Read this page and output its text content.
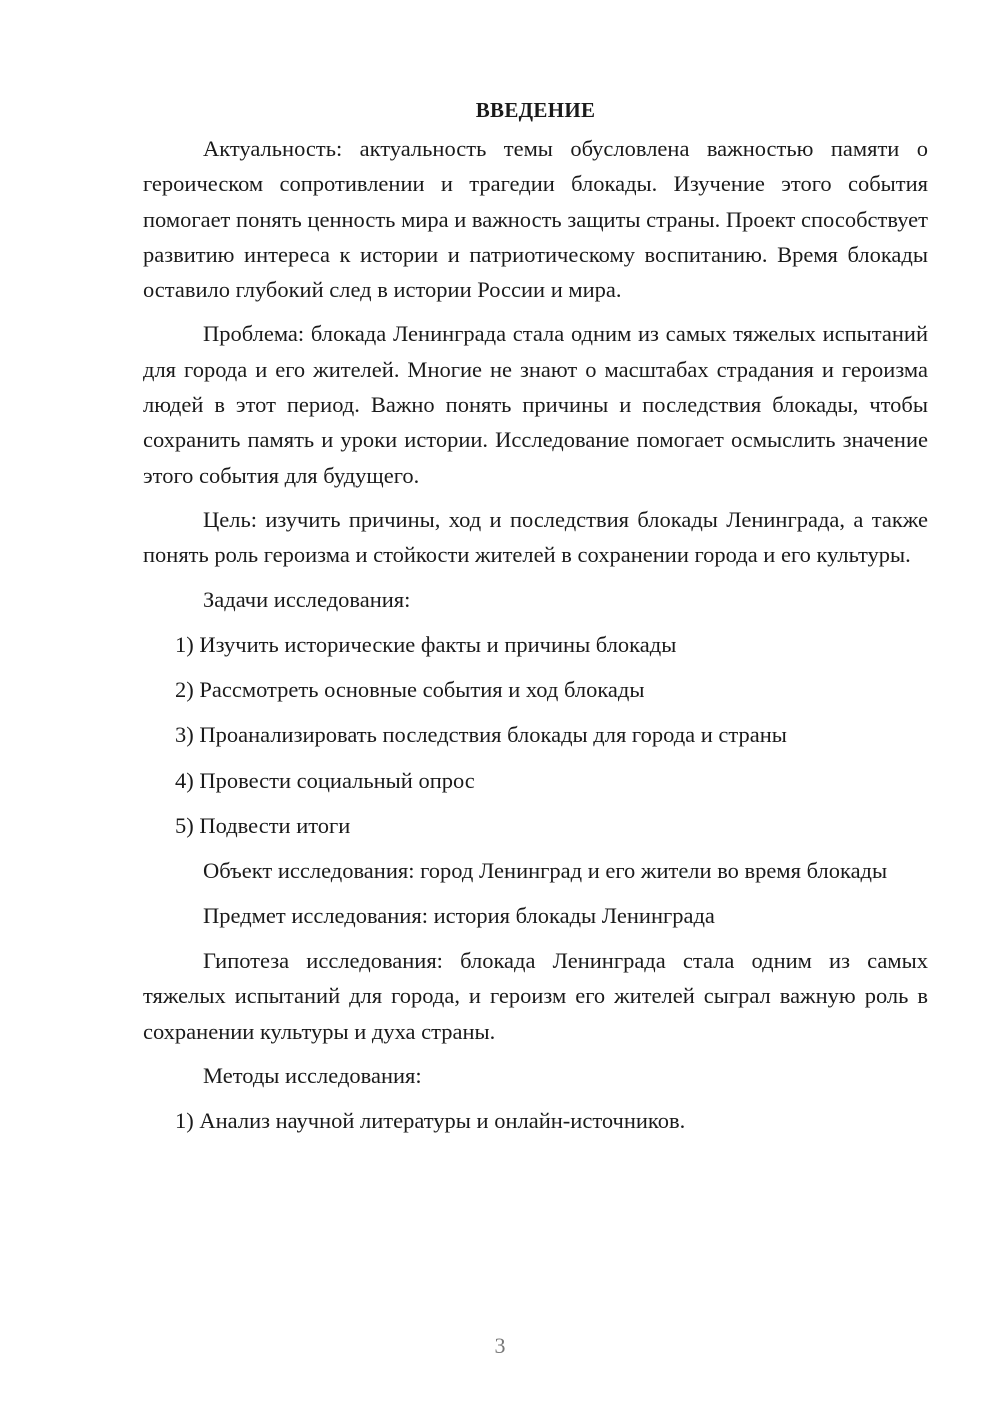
ВВЕДЕНИЕ

Актуальность: актуальность темы обусловлена важностью памяти о героическом сопротивлении и трагедии блокады. Изучение этого события помогает понять ценность мира и важность защиты страны. Проект способствует развитию интереса к истории и патриотическому воспитанию. Время блокады оставило глубокий след в истории России и мира.

Проблема: блокада Ленинграда стала одним из самых тяжелых испытаний для города и его жителей. Многие не знают о масштабах страдания и героизма людей в этот период. Важно понять причины и последствия блокады, чтобы сохранить память и уроки истории. Исследование помогает осмыслить значение этого события для будущего.

Цель: изучить причины, ход и последствия блокады Ленинграда, а также понять роль героизма и стойкости жителей в сохранении города и его культуры.

Задачи исследования:
1) Изучить исторические факты и причины блокады
2) Рассмотреть основные события и ход блокады
3) Проанализировать последствия блокады для города и страны
4) Провести социальный опрос
5) Подвести итоги

Объект исследования: город Ленинград и его жители во время блокады

Предмет исследования: история блокады Ленинграда

Гипотеза исследования: блокада Ленинграда стала одним из самых тяжелых испытаний для города, и героизм его жителей сыграл важную роль в сохранении культуры и духа страны.

Методы исследования:
1) Анализ научной литературы и онлайн-источников.
3
